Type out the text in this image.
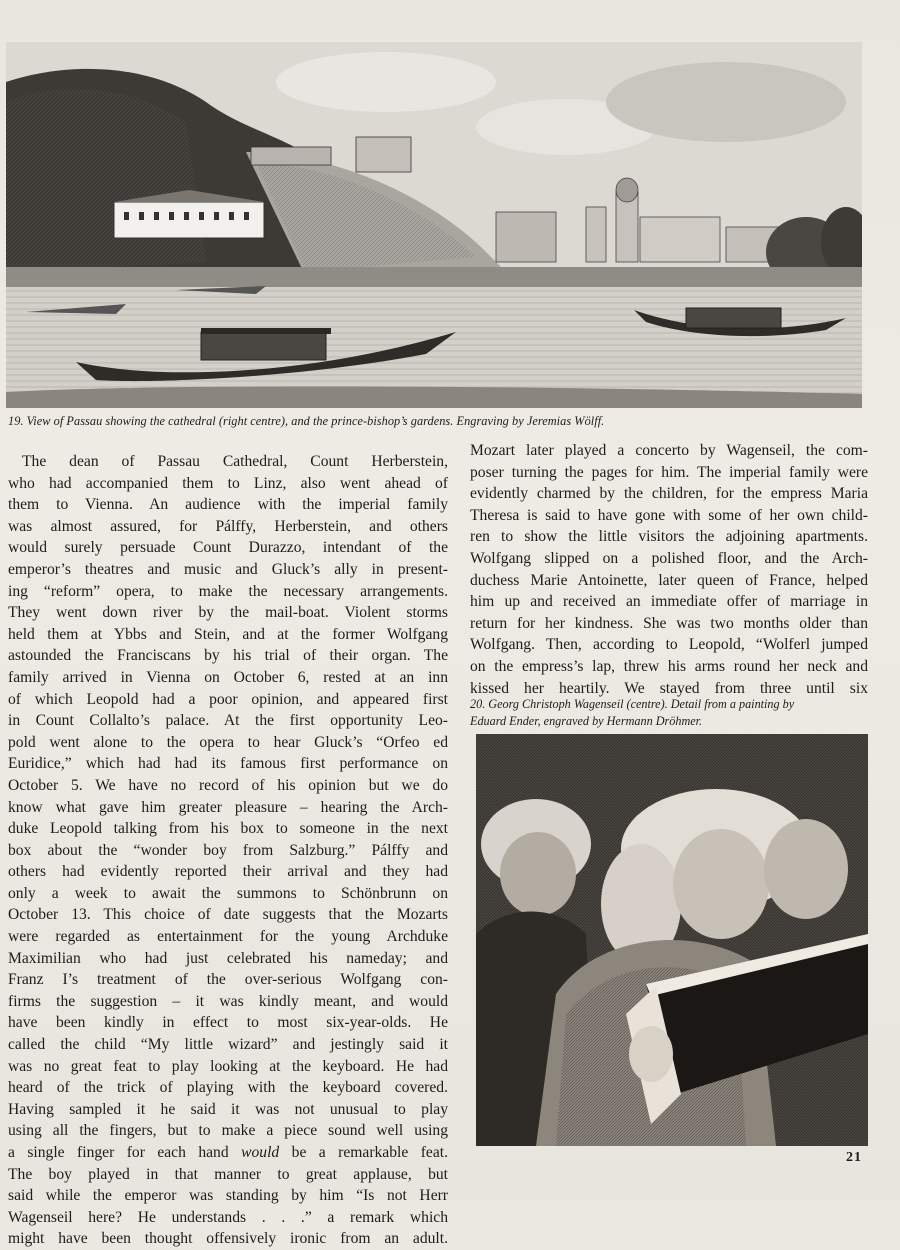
19. View of Passau showing the cathedral (right centre), and the prince-bishop’s gardens. Engraving by Jeremias Wölff.
The dean of Passau Cathedral, Count Herberstein,
who had accompanied them to Linz, also went ahead of
them to Vienna. An audience with the imperial family
was almost assured, for Pálffy, Herberstein, and others
would surely persuade Count Durazzo, intendant of the
emperor’s theatres and music and Gluck’s ally in present-
ing “reform” opera, to make the necessary arrangements.
They went down river by the mail-boat. Violent storms
held them at Ybbs and Stein, and at the former Wolfgang
astounded the Franciscans by his trial of their organ. The
family arrived in Vienna on October 6, rested at an inn
of which Leopold had a poor opinion, and appeared first
in Count Collalto’s palace. At the first opportunity Leo-
pold went alone to the opera to hear Gluck’s “Orfeo ed
Euridice,” which had had its famous first performance on
October 5. We have no record of his opinion but we do
know what gave him greater pleasure – hearing the Arch-
duke Leopold talking from his box to someone in the next
box about the “wonder boy from Salzburg.” Pálffy and
others had evidently reported their arrival and they had
only a week to await the summons to Schönbrunn on
October 13. This choice of date suggests that the Mozarts
were regarded as entertainment for the young Archduke
Maximilian who had just celebrated his nameday; and
Franz I’s treatment of the over-serious Wolfgang con-
firms the suggestion – it was kindly meant, and would
have been kindly in effect to most six-year-olds. He
called the child “My little wizard” and jestingly said it
was no great feat to play looking at the keyboard. He had
heard of the trick of playing with the keyboard covered.
Having sampled it he said it was not unusual to play
using all the fingers, but to make a piece sound well using
a single finger for each hand would be a remarkable feat.
The boy played in that manner to great applause, but
said while the emperor was standing by him “Is not Herr
Wagenseil here? He understands . . .” a remark which
might have been thought offensively ironic from an adult.
Mozart later played a concerto by Wagenseil, the com-
poser turning the pages for him. The imperial family were
evidently charmed by the children, for the empress Maria
Theresa is said to have gone with some of her own child-
ren to show the little visitors the adjoining apartments.
Wolfgang slipped on a polished floor, and the Arch-
duchess Marie Antoinette, later queen of France, helped
him up and received an immediate offer of marriage in
return for her kindness. She was two months older than
Wolfgang. Then, according to Leopold, “Wolferl jumped
on the empress’s lap, threw his arms round her neck and
kissed her heartily. We stayed from three until six
20. Georg Christoph Wagenseil (centre). Detail from a painting by
Eduard Ender, engraved by Hermann Dröhmer.
21
